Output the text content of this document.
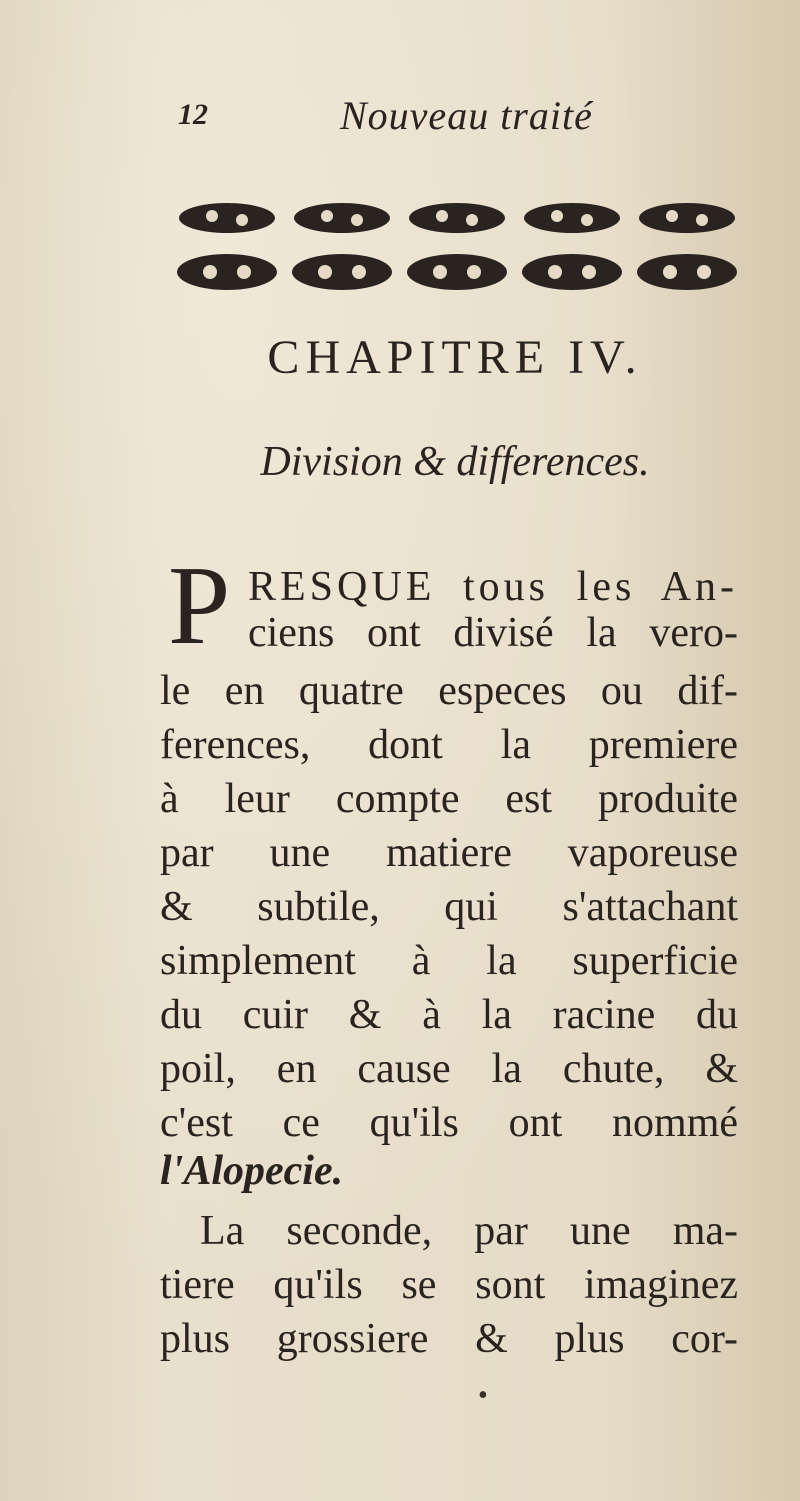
12	Nouveau traité
CHAPITRE IV.
Division & differences.
P RESQUE tous les An-
ciens ont divisé la vero-
le en quatre especes ou dif-
ferences, dont la premiere
à leur compte est produite
par une matiere vaporeuse
& subtile, qui s'attachant
simplement à la superficie
du cuir & à la racine du
poil, en cause la chute, &
c'est ce qu'ils ont nommé
l'Alopecie.
La seconde, par une ma-
tiere qu'ils se sont imaginez
plus grossiere & plus cor-
•
